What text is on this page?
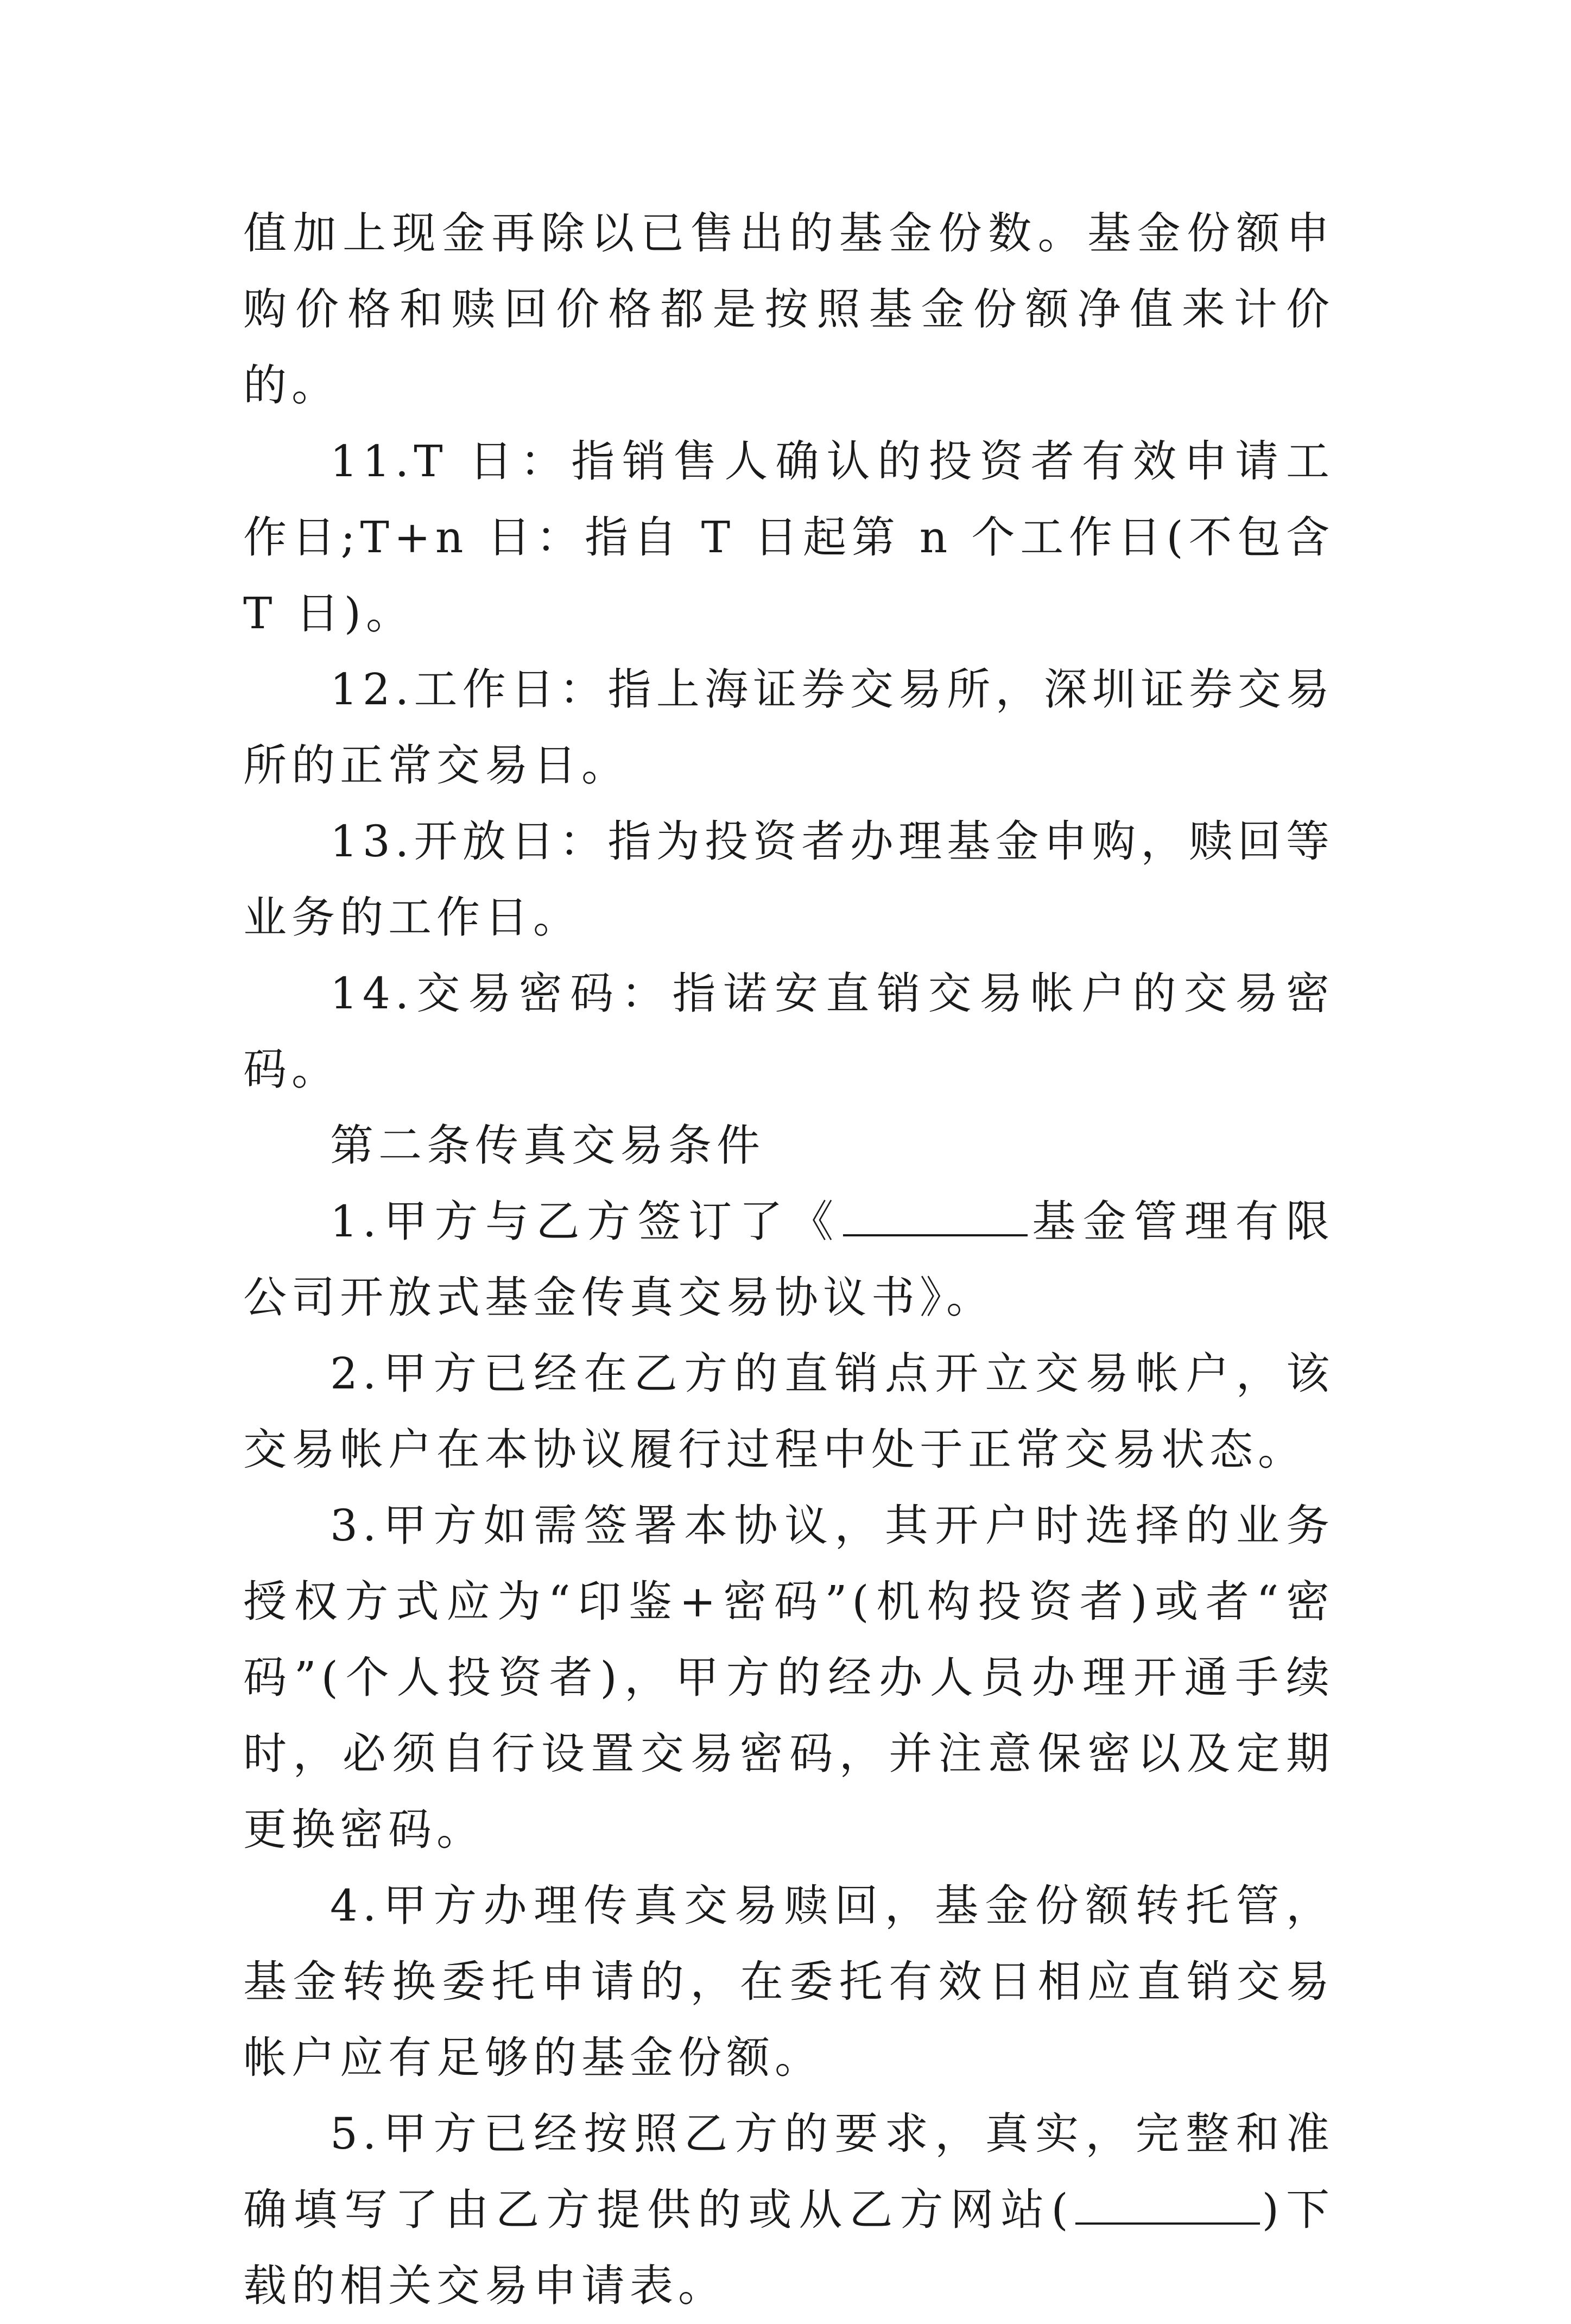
值加上现金再除以已售出的基金份数。基金份额申购价格和赎回价格都是按照基金份额净值来计价的。

11.T 日：指销售人确认的投资者有效申请工作日;T+n 日：指自 T 日起第 n 个工作日(不包含 T 日)。

12.工作日：指上海证券交易所，深圳证券交易所的正常交易日。

13.开放日：指为投资者办理基金申购，赎回等业务的工作日。

14.交易密码：指诺安直销交易帐户的交易密码。

第二条传真交易条件

1.甲方与乙方签订了《	基金管理有限公司开放式基金传真交易协议书》。

2.甲方已经在乙方的直销点开立交易帐户，该交易帐户在本协议履行过程中处于正常交易状态。

3.甲方如需签署本协议，其开户时选择的业务授权方式应为“印鉴+密码”(机构投资者)或者“密码”(个人投资者)，甲方的经办人员办理开通手续时，必须自行设置交易密码，并注意保密以及定期更换密码。

4.甲方办理传真交易赎回，基金份额转托管，基金转换委托申请的，在委托有效日相应直销交易帐户应有足够的基金份额。

5.甲方已经按照乙方的要求，真实，完整和准确填写了由乙方提供的或从乙方网站(	)下载的相关交易申请表。
